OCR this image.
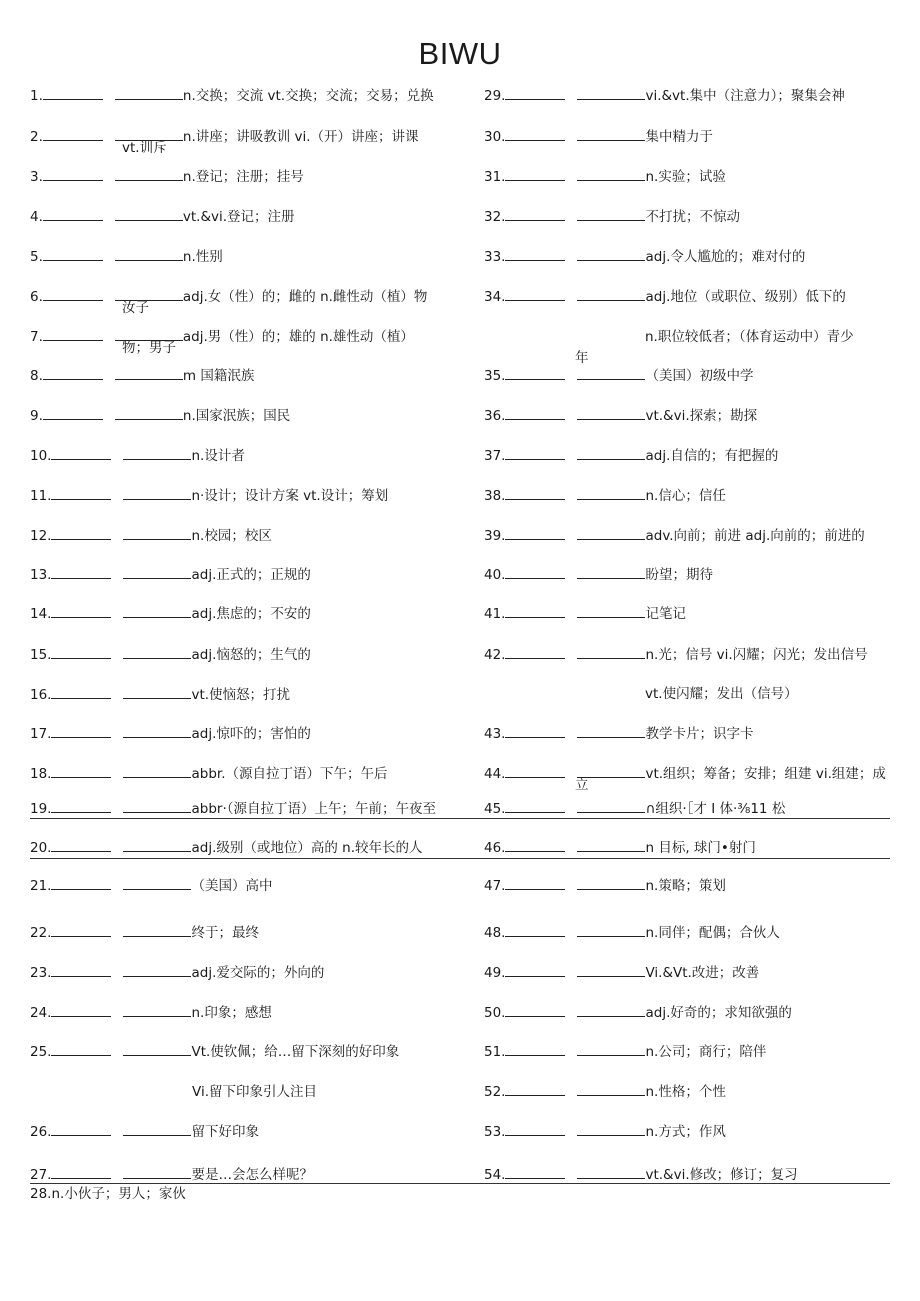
BIWU
1.	n.交换；交流 vt.交换；交流；交易；兑换
2.	n.讲座；讲吸教训 vi.（开）讲座；讲课
vt.训斥
3.	n.登记；注册；挂号
4.	vt.&vi.登记；注册
5.	n.性别
6.	adj.女（性）的；雌的 n.雌性动（植）物
汝子
7.	adj.男（性）的；雄的 n.雄性动（植）
物；男子
8.	m 国籍泯族
9.	n.国家泯族；国民
10.	n.设计者
11.	n·设计；设计方案 vt.设计；筹划
12.	n.校园；校区
13.	adj.正式的；正规的
14.	adj.焦虑的；不安的
15.	adj.恼怒的；生气的
16.	vt.使恼怒；打扰
17.	adj.惊吓的；害怕的
18.	abbr.（源自拉丁语）下午；午后
19.	abbr·（源自拉丁语）上午；午前；午夜至
20.	adj.级别（或地位）高的 n.较年长的人
21.	（美国）高中
22.	终于；最终
23.	adj.爱交际的；外向的
24.	n.印象；感想
25.	Vt.使钦佩；给…留下深刻的好印象
Vi.留下印象引人注目
26.	留下好印象
27.	要是…会怎么样呢？
29.	vi.&vt.集中（注意力）；聚集会神
30.	集中精力于
31.	n.实验；试验
32.	不打扰；不惊动
33.	adj.令人尴尬的；难对付的
34.	adj.地位（或职位、级别）低下的
n.职位较低者；（体育运动中）青少
年
35.	（美国）初级中学
36.	vt.&vi.探索；勘探
37.	adj.自信的；有把握的
38.	n.信心；信任
39.	adv.向前；前进 adj.向前的；前进的
40.	盼望；期待
41.	记笔记
42.	n.光；信号 vi.闪耀；闪光；发出信号
vt.使闪耀；发出（信号）
43.	教学卡片；识字卡
44.	vt.组织；筹备；安排；组建 vi.组建；成
立
45.	∩组织·［才 I 体·⅜11 松
46.	n 目标, 球门•射门
47.	n.策略；策划
48.	n.同伴；配偶；合伙人
49.	Vi.&Vt.改进；改善
50.	adj.好奇的；求知欲强的
51.	n.公司；商行；陪伴
52.	n.性格；个性
53.	n.方式；作风
54.	vt.&vi.修改；修订；复习
28.n.小伙子；男人；家伙
